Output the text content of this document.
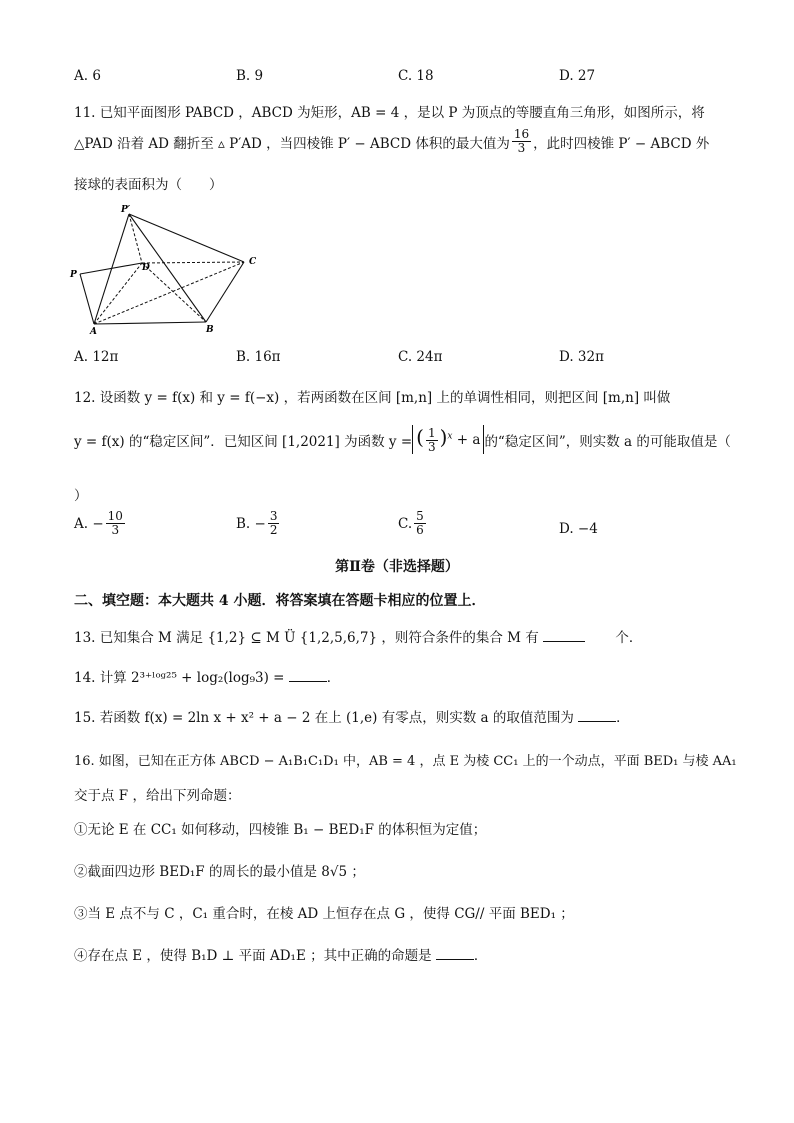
A. 6	B. 9	C. 18	D. 27
11. 已知平面图形 PABCD ，ABCD 为矩形，AB = 4 ，是以 P 为顶点的等腰直角三角形，如图所示，将
△PAD 沿着 AD 翻折至 ▵ P′AD ，当四棱锥 P′ − ABCD 体积的最大值为 $\frac{16}{3}$ ，此时四棱锥 P′ − ABCD 外
接球的表面积为（　　）
P′
P
D
C
A	B
A. 12π	B. 16π	C. 24π	D. 32π
12. 设函数 y = f(x) 和 y = f(−x) ，若两函数在区间 [m,n] 上的单调性相同，则把区间 [m,n] 叫做
y = f(x) 的“稳定区间”．已知区间 [1,2021] 为函数 y = ( $\frac{1}{3} )^x + a$ 的“稳定区间”，则实数 a 的可能取值是（
）
A. − $\frac{10}{3}$	B. − $\frac{3}{2}$	C. $\frac{5}{6}$	D. −4
第Ⅱ卷（非选择题）
二、填空题：本大题共 4 小题．将答案填在答题卡相应的位置上．
13. 已知集合 M 满足 {1,2} ⊆ M Ü {1,2,5,6,7} ，则符合条件的集合 M 有	个．
14. 计算 2³⁺ˡᵒᵍ²⁵ + log₂(log₉3) =	．
15. 若函数 f(x) = 2ln x + x² + a − 2 在上 (1,e) 有零点，则实数 a 的取值范围为	．
16. 如图，已知在正方体 ABCD − A₁B₁C₁D₁ 中，AB = 4 ，点 E 为棱 CC₁ 上的一个动点，平面 BED₁ 与棱 AA₁
交于点 F ，给出下列命题：
①无论 E 在 CC₁ 如何移动，四棱锥 B₁ − BED₁F 的体积恒为定值；
②截面四边形 BED₁F 的周长的最小值是 8√5 ；
③当 E 点不与 C ，C₁ 重合时，在棱 AD 上恒存在点 G ，使得 CG// 平面 BED₁ ；
④存在点 E ，使得 B₁D ⊥ 平面 AD₁E ；其中正确的命题是	．
